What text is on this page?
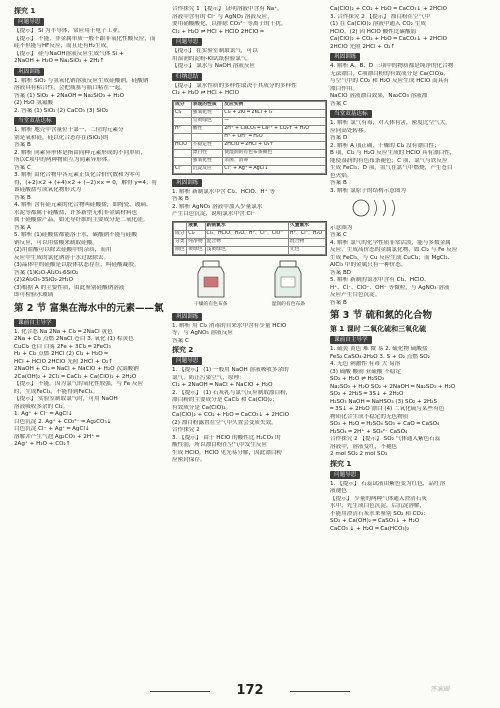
探究 1
问题导思
【提示】 Si 为半导体，常应用于电子工业。
【提示】 不能，非金属单质一般不跟非氧化性酸反应，而
硅不但能与HF反应，而且还有H₂生成。
【提示】 硅与NaOH溶液反应生成气体 Si +
2NaOH + H₂O ═ Na₂SiO₃ + 2H₂↑
巩固训练
1. 解析 SiO₂ 与氢氧化钠溶液反应生成硅酸钠，硅酸钠
溶液具有粘合性，会把瓶塞与瓶口粘在一起。
答案 (1) SiO₂ + 2NaOH ═ Na₂SiO₃ + H₂O
(2) H₂O 氢氟酸
2. 答案 (1) SiO₂ (2) CaCO₃ (3) SiO₂
当堂双基达标
1. 解析 地壳中含量位于第一、二位的元素分
别是氧和硅，硅以化合态存在(SiO₂)的
答案 B
2. 解析 同素异形体是指由同种元素形成的不同单质，
所以C项中的两种物质互为同素异形体。
答案 C
3. 解析 由化合物中各元素正负化合价代数和为零可
得，(+2)×2 + (+4)×2 + (−2)×x = 0，解得 y=4；将
该硅酸盐写成氧化物形式为
答案 B
4. 解析 含有硅元素的化合物叫硅酸盐，如陶瓷、玻璃、
水泥等都属于硅酸盐，许多新型无机非金属材料也
属于硅酸盐产品，如光导纤维的主要成分是二氧化硅。
答案 A
5. 解析 (1)硅酸盐都能溶于水，碳酸钠不能与硅酸
钠反应，可以用盐酸来制取硅酸。
(2)用盐酸可以除去硅酸中的杂质，而用
反应中生成的氯化钠溶于水过滤除去。
(3)晶体中的硅酸是以胶体状态存在，叫硅酸凝胶。
答案 (1)K₂O·Al₂O₃·6SiO₂
(2)2Al₂O₃·3SiO₂·2H₂O
(3)根据 A 的主要性质，由此鉴别硅酸钠溶液
即可检验水玻璃
第 2 节 富集在海水中的元素——氯
课前自主导学
1. 化合态 Na 2Na + Cl₂ ═ 2NaCl 黄色
2Na + Cl₂ 点燃 2NaCl 苍白 3. 氧化 (1) 棕黄色
CuCl₂ 苍白 白雾 2Fe + 3Cl₂ ═ 2FeCl₃
H₂ + Cl₂ 点燃 2HCl (2) Cl₂ + H₂O ═
HCl + HClO 2HClO 光照 2HCl + O₂↑
2NaOH + Cl₂ ═ NaCl + NaClO + H₂O 次氯酸钠
2Ca(OH)₂ + 2Cl₂ ═ CaCl₂ + Ca(ClO)₂ + 2H₂O
【提示】 不能。因为氯气的氧化性较强，与 Fe 反应
时，生成FeCl₃，不能得到FeCl₂。
【提示】 实验室制取氯气时，可用 NaOH
溶液吸收多余的 Cl₂。
1. Ag⁺ + Cl⁻ ═ AgCl↓
白色沉淀 2. Ag⁺ + CO₃²⁻ ═ Ag₂CO₃↓
白色沉淀 Cl⁻ + Ag⁺ ═ AgCl↓
溶解并产生气泡 Ag₂CO₃ + 2H⁺ ═
2Ag⁺ + H₂O + CO₂↑
合作探究 1 【提示】 证明溶液中含有 Na⁺，
溶液中含有的 Cl⁻ 与 AgNO₃ 溶液反应，
要用硝酸酸化，以排除 CO₃²⁻ 等离子的干扰。
Cl₂ + H₂O ⇌ HCl + HClO 2HClO ═
问题导思
【提示】 在实验室制取氯气，可以
用湿润的淀粉-KI试纸检验氯气。
【提示】 氯水与 NaOH 溶液反应
归纳总结
【提示】 氯水性质的多样性取决于其成分的多样性
Cl₂ + H₂O ⇌ HCl + HClO
成分	表现的性质	反应实例
Cl₂	强氧化性	Cl₂ + 2KI ═ 2KCl + I₂
	呈黄绿色	—
H⁺	酸性	2H⁺ + CaCO₃ ═ Ca²⁺ + CO₂↑ + H₂O
		H⁺ + OH⁻ ═ H₂O
HClO	不稳定性	2HClO ═ 2HCl + O₂↑
	漂白性	使湿润的有色布条褪色
	强氧化性	杀菌、消毒
Cl⁻	沉淀反应	Cl⁻ + Ag⁺ ═ AgCl↓
巩固训练
1. 解析 新制氯水中含 Cl₂、HClO、H⁺ 等
答案 B
2. 解析 AgNO₃ 溶液中加入少量氯水
产生白色沉淀，说明氯水中含 Cl⁻
	液氯	新制氯水	久置氯水
成分	Cl₂	Cl₂、HClO、H₂O、H⁺、Cl⁻、ClO⁻	H⁺、Cl⁻、H₂O
分类	纯净物	混合物	混合物
颜色	黄绿色	浅黄绿色	无色
干燥的有色布条	湿润的有色布条
巩固训练
1. 解析 用 Cl₂ 消毒的自来水中含有少量 HClO
等，与 AgNO₃ 溶液反应
答案 C
探究 2
问题导思
1. 【提示】 (1) 一般用 NaOH 溶液吸收多余的
氯气，防止污染空气，原理：
Cl₂ + 2NaOH ═ NaCl + NaClO + H₂O
2. 【提示】 (1) 石灰乳与氯气反应制取漂白粉，
漂白粉的主要成分是 CaCl₂ 和 Ca(ClO)₂；
有效成分是 Ca(ClO)₂。
Ca(ClO)₂ + CO₂ + H₂O ═ CaCO₃↓ + 2HClO
(2) 漂白粉露置在空气中久置会变质失效。
合作探究 2
3. 【提示】 由于 HClO 的酸性比 H₂CO₃ 的
酸性弱，所以漂白粉在空气中发生反应
生成 HClO，HClO 见光易分解，因此漂白粉
应密封保存。
Ca(ClO)₂ + CO₂ + H₂O ═ CaCO₃↓ + 2HClO
3. 合作探究 2 【提示】 漂白粉在空气中
(1) 在 Ca(ClO)₂ 溶液中通入 CO₂ 生成
HClO，(2) 因 HClO 酸性比碳酸弱
Ca(ClO)₂ + CO₂ + H₂O ═ CaCO₃↓ + 2HClO
2HClO 光照 2HCl + O₂↑
巩固训练
4. 解析 A、B、D 三项中的物质都是纯净的化合物
无法漂白，C项漂白粉的有效成分是 Ca(ClO)₂，
与空气中的 CO₂ 和 H₂O 反应生成 HClO 而具有
漂白作用。
NaClO 溶液漂白效果，Na₂CO₃ 溶液漂
答案 C
当堂双基达标
1. 解析 氯气有毒，对人体有害，密度比空气大，
应向高处转移。
答案 D
2. 解析 A 项正确，干燥的 Cl₂ 没有漂白性；
B 项，Cl₂ 与 H₂O 反应生成的 HClO 具有漂白性，
能使湿润的有色布条褪色；C 项，氯气与铁反应
生成 FeCl₃；D 项，氢气在氯气中燃烧，产生苍白
色火焰。
答案 B
3. 解析 氯原子的结构示意图为
示意图为
答案 C
4. 解析 氯气的化学性质非常活泼，能与多数金属
反应，生成高价态的金属氯化物，如 Cl₂ 与 Fe 反应
生成 FeCl₃，与 Cu 反应生成 CuCl₂；而 MgCl₂、
AlCl₃ 中的金属只有一种价态。
答案 BD
5. 解析 新制的氯水中含有 Cl₂、HClO、
H⁺、Cl⁻、ClO⁻、OH⁻ 等微粒，与 AgNO₃ 溶液
反应产生白色沉淀。
答案 B
第 3 节 硫和氮的化合物
第 1 课时 二氧化硫和三氧化硫
课前自主导学
1. 硫黄 黄色 难 微 易 2. 硫化物 硫酸盐
FeS₂ CaSO₄·2H₂O 3. S + O₂ 点燃 SO₂
4. 无色 刺激性 有毒 大 易溶
(3) 硫酸 酸雨 亚硫酸 不稳定
SO₂ + H₂O ⇌ H₂SO₃
Na₂SO₃ + H₂O SO₂ + 2NaOH ═ Na₂SO₃ + H₂O
SO₂ + 2H₂S ═ 3S↓ + 2H₂O
H₂SO₃ NaOH ═ NaHSO₃ (3) SO₂ + 2H₂S
═ 3S↓ + 2H₂O 漂白 (4) 二氧化硫与某些有色
物质化合生成不稳定的无色物质
SO₃ + H₂O ═ H₂SO₄ SO₃ + CaO ═ CaSO₄
H₂SO₄ ═ 2H⁺ + SO₄²⁻ CaSO₄
合作探究 2 【提示】 SO₂ 气体通入紫色石蕊
溶液中，溶液变红，不褪色
2 mol SO₂ 2 mol SO₃
探究 1
问题导思
1. 【提示】 石蕊试液由紫色变为红色，品红溶
液褪色
【提示】 少量的两种气体通入澄清石灰
水中，先生成白色沉淀，后沉淀溶解，
不能用澄清石灰水来鉴别 SO₂ 和 CO₂：
SO₂ + Ca(OH)₂ ═ CaSO₃↓ + H₂O
CaCO₃ ↓ + H₂O ═ Ca(HCO₃)₂
172	答案圈
